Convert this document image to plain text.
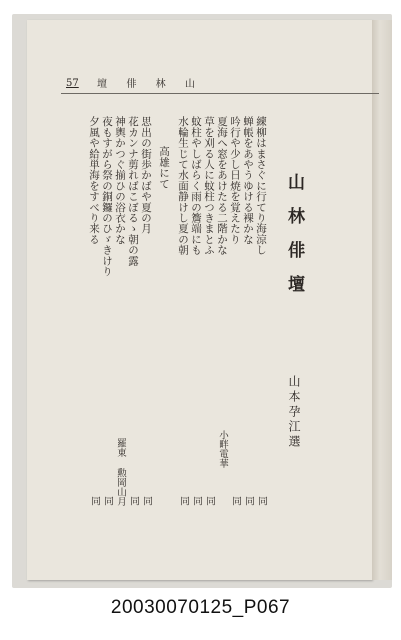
57	山
林
俳
壇
山
林
俳
壇
山本孕江選
練柳はまさぐに行てり海涼し
同
蝉帳をあやうゆける裸かな
同
吟行や少し日焼を覚えたり
同
夏海へ窓をあけたる二階かな
小畔電華
草を刈る人に蚊柱つきまとふ
同
蚊柱やしばらく雨の簷端にも
同
水輪生じて水面静けし夏の朝
同
高雄にて
思出の街歩かばや夏の月
同
花カンナ剪ればこぼるゝ朝の露
同
神輿かつぐ揃ひの浴衣かな
羅東 勲岡山月
夜もすがら祭の銅鑼のひゞきけり
同
夕風や給単海をすべり来る
同
20030070125_P067
